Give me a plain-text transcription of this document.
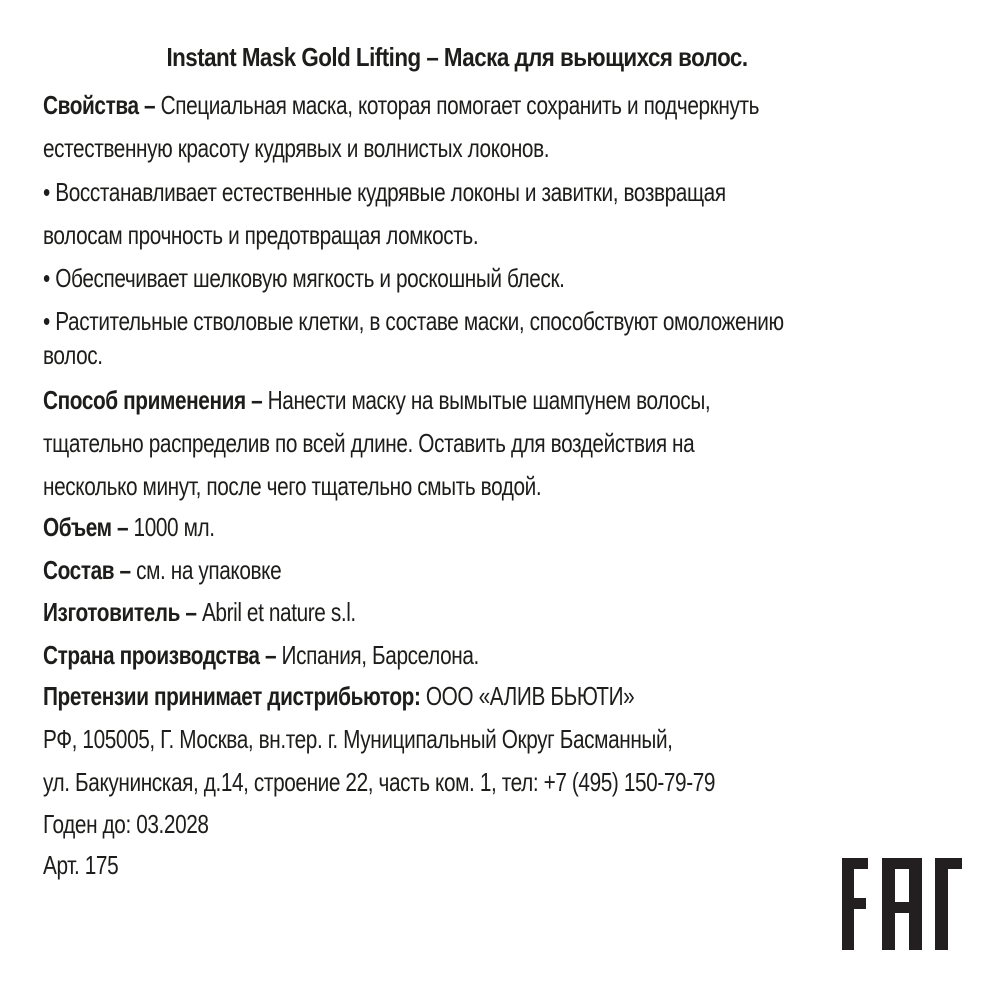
Instant Mask Gold Lifting – Маска для вьющихся волос.
Свойства – Специальная маска, которая помогает сохранить и подчеркнуть
естественную красоту кудрявых и волнистых локонов.
• Восстанавливает естественные кудрявые локоны и завитки, возвращая
волосам прочность и предотвращая ломкость.
• Обеспечивает шелковую мягкость и роскошный блеск.
• Растительные стволовые клетки, в составе маски, способствуют омоложению
волос.
Способ применения – Нанести маску на вымытые шампунем волосы,
тщательно распределив по всей длине. Оставить для воздействия на
несколько минут, после чего тщательно смыть водой.
Объем – 1000 мл.
Состав – см. на упаковке
Изготовитель – Abril et nature s.l.
Страна производства – Испания, Барселона.
Претензии принимает дистрибьютор: ООО «АЛИВ БЬЮТИ»
РФ, 105005, Г. Москва, вн.тер. г. Муниципальный Округ Басманный,
ул. Бакунинская, д.14, строение 22, часть ком. 1, тел: +7 (495) 150-79-79
Годен до: 03.2028
Арт. 175
